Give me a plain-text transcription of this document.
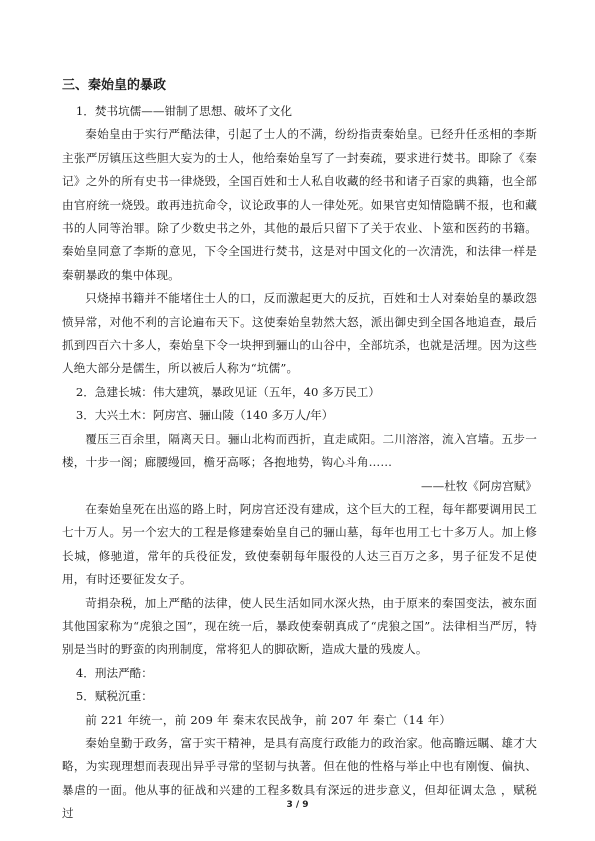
三、秦始皇的暴政

1．焚书坑儒——钳制了思想、破坏了文化

秦始皇由于实行严酷法律，引起了士人的不满，纷纷指责秦始皇。已经升任丞相的李斯主张严厉镇压这些胆大妄为的士人，他给秦始皇写了一封奏疏，要求进行焚书。即除了《秦记》之外的所有史书一律烧毁，全国百姓和士人私自收藏的经书和诸子百家的典籍，也全部由官府统一烧毁。敢再违抗命令，议论政事的人一律处死。如果官吏知情隐瞒不报，也和藏书的人同等治罪。除了少数史书之外，其他的最后只留下了关于农业、卜筮和医药的书籍。秦始皇同意了李斯的意见，下令全国进行焚书，这是对中国文化的一次清洗，和法律一样是秦朝暴政的集中体现。

只烧掉书籍并不能堵住士人的口，反而激起更大的反抗，百姓和士人对秦始皇的暴政怨愤异常，对他不利的言论遍布天下。这使秦始皇勃然大怒，派出御史到全国各地追查，最后抓到四百六十多人，秦始皇下令一块押到骊山的山谷中，全部坑杀，也就是活埋。因为这些人绝大部分是儒生，所以被后人称为“坑儒”。

2．急建长城：伟大建筑，暴政见证（五年，40 多万民工）

3．大兴土木：阿房宫、骊山陵（140 多万人/年）

覆压三百余里，隔离天日。骊山北构而西折，直走咸阳。二川溶溶，流入宫墙。五步一楼，十步一阁；廊腰缦回，檐牙高啄；各抱地势，钩心斗角……

——杜牧《阿房宫赋》

在秦始皇死在出巡的路上时，阿房宫还没有建成，这个巨大的工程，每年都要调用民工七十万人。另一个宏大的工程是修建秦始皇自己的骊山墓，每年也用工七十多万人。加上修长城，修驰道，常年的兵役征发，致使秦朝每年服役的人达三百万之多，男子征发不足使用，有时还要征发女子。

苛捐杂税，加上严酷的法律，使人民生活如同水深火热，由于原来的秦国变法，被东面其他国家称为“虎狼之国”，现在统一后，暴政使秦朝真成了“虎狼之国”。法律相当严厉，特别是当时的野蛮的肉刑制度，常将犯人的脚砍断，造成大量的残废人。

4．刑法严酷：

5．赋税沉重：

前 221 年统一，前 209 年 秦末农民战争，前 207 年 秦亡（14 年）

秦始皇勤于政务，富于实干精神，是具有高度行政能力的政治家。他高瞻远瞩、雄才大略，为实现理想而表现出异乎寻常的坚韧与执著。但在他的性格与举止中也有刚愎、偏执、暴虐的一面。他从事的征战和兴建的工程多数具有深远的进步意义，但却征调太急 ，赋税过

3 / 9
